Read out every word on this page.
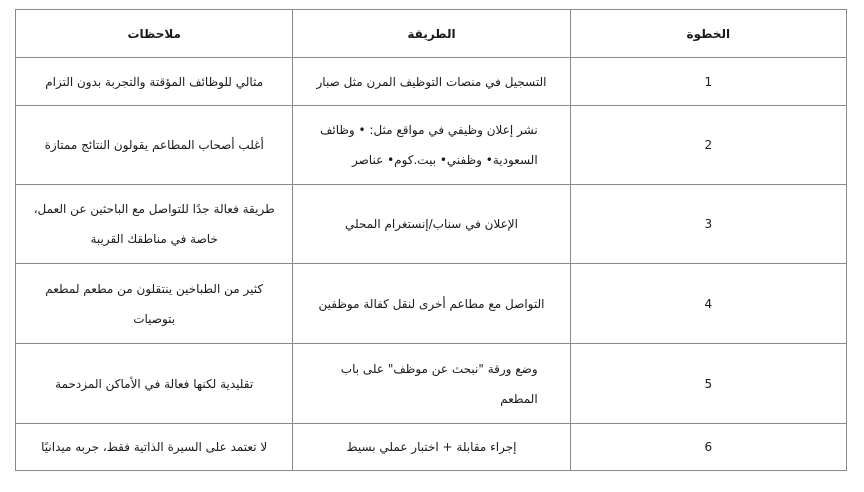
الخطوة	الطريقة	ملاحظات
1	التسجيل في منصات التوظيف المرن مثل صبار	مثالي للوظائف المؤقتة والتجربة بدون التزام
2	نشر إعلان وظيفي في مواقع مثل: • وظائف السعودية• وظفني• بيت.كوم• عناصر	أغلب أصحاب المطاعم يقولون النتائج ممتازة
3	الإعلان في سناب/إنستغرام المحلي	طريقة فعالة جدًا للتواصل مع الباحثين عن العمل، خاصة في مناطقك القريبة
4	التواصل مع مطاعم أخرى لنقل كفالة موظفين	كثير من الطباخين ينتقلون من مطعم لمطعم بتوصيات
5	وضع ورقة "نبحث عن موظف" على باب المطعم	تقليدية لكنها فعالة في الأماكن المزدحمة
6	إجراء مقابلة + اختبار عملي بسيط	لا تعتمد على السيرة الذاتية فقط، جربه ميدانيًا
